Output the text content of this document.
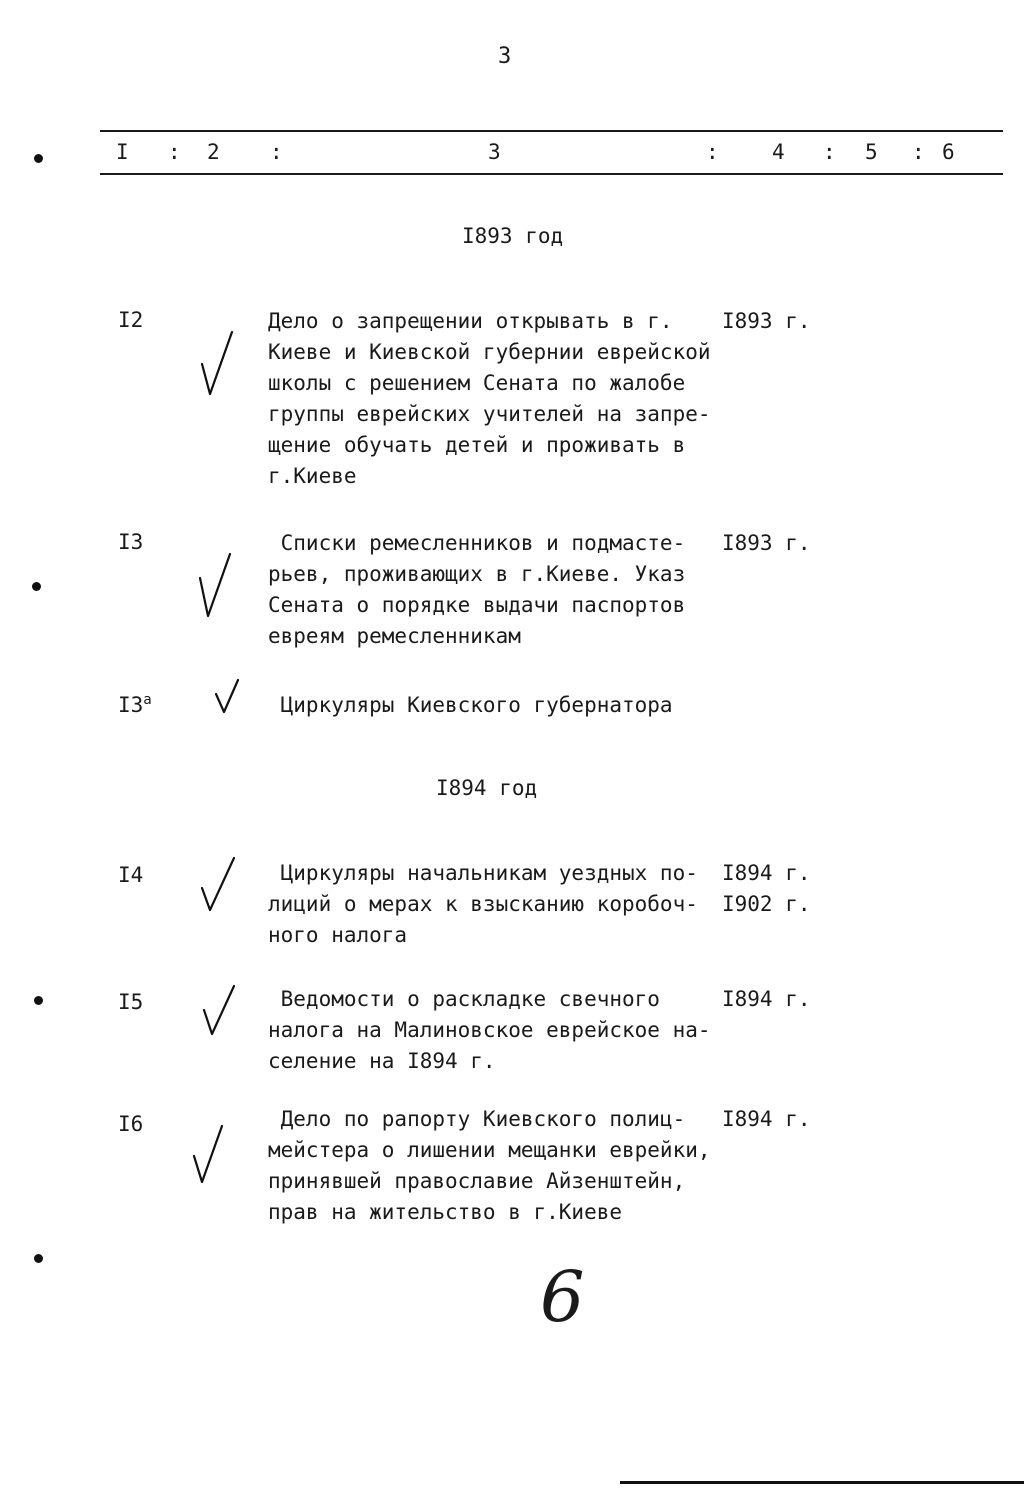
3
I : 2 :	3	:	4 : 5 : 6
I893 год
I2	Дело о запрещении открывать в г.
Киеве и Киевской губернии еврейской
школы с решением Сената по жалобе
группы еврейских учителей на запре-
щение обучать детей и проживать в
г.Киеве
I893 г.
I3	Списки ремесленников и подмасте-
рьев, проживающих в г.Киеве. Указ
Сената о порядке выдачи паспортов
евреям ремесленникам
I893 г.
$I3^а$	Циркуляры Киевского губернатора
I894 год
I4	Циркуляры начальникам уездных по-
лиций о мерах к взысканию коробоч-
ного налога
I894 г.
I902 г.
I5	Ведомости о раскладке свечного
налога на Малиновское еврейское на-
селение на I894 г.
I894 г.
I6	Дело по рапорту Киевского полиц-
мейстера о лишении мещанки еврейки,
принявшей православие Айзенштейн,
прав на жительство в г.Киеве
I894 г.
6
